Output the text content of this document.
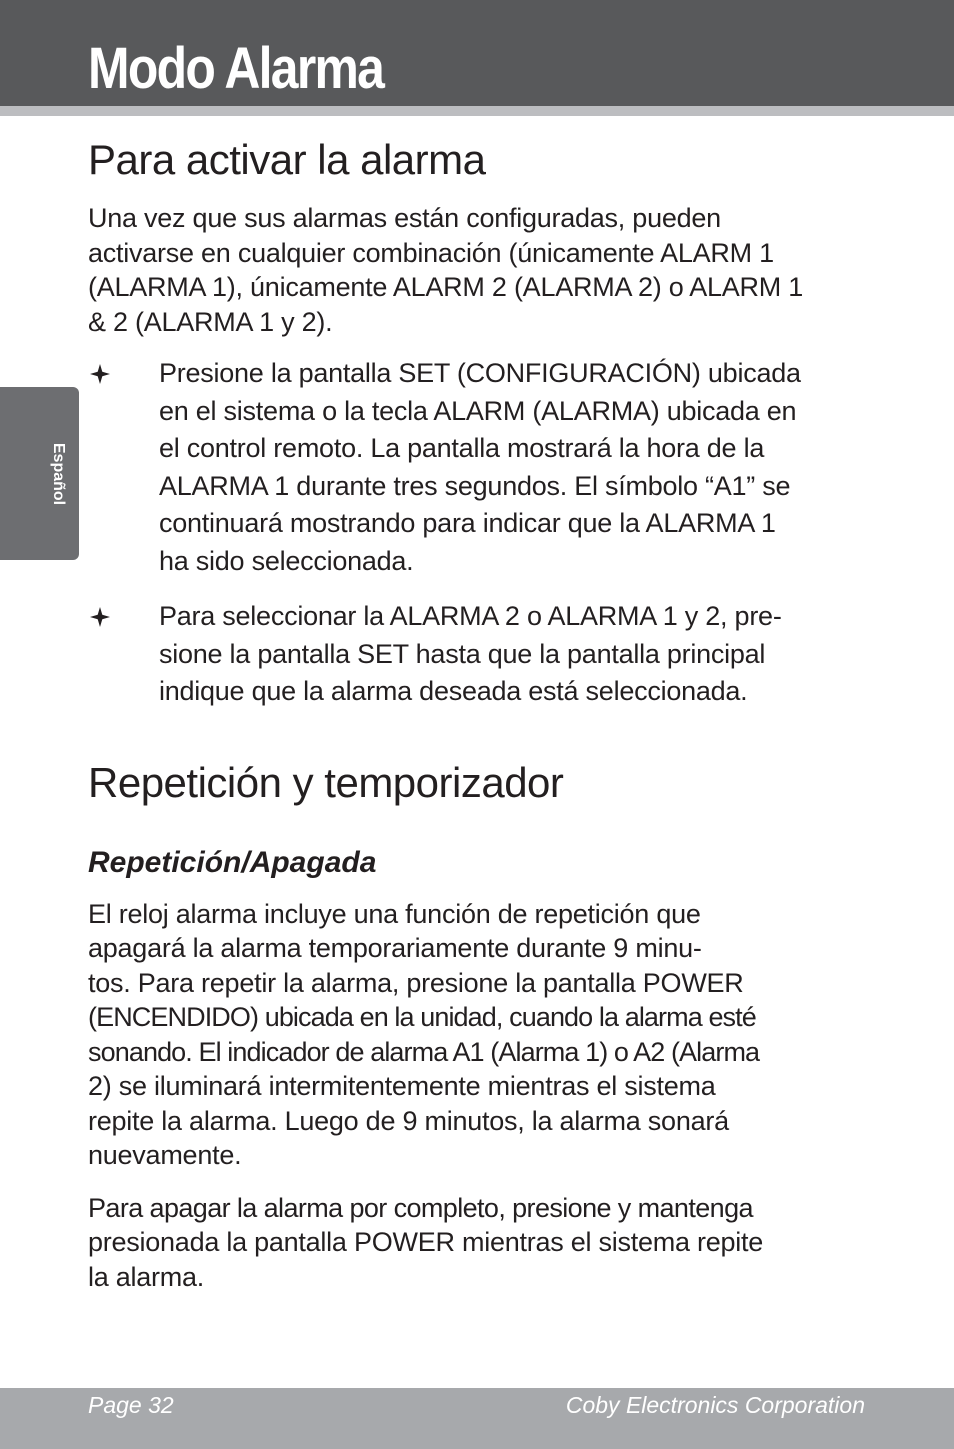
Modo Alarma
Español
Para activar la alarma

Una vez que sus alarmas están configuradas, pueden
activarse en cualquier combinación (únicamente ALARM 1
(ALARMA 1), únicamente ALARM 2 (ALARMA 2) o ALARM 1
& 2 (ALARMA 1 y 2).

Presione la pantalla SET (CONFIGURACIÓN) ubicada
en el sistema o la tecla ALARM (ALARMA) ubicada en
el control remoto. La pantalla mostrará la hora de la
ALARMA 1 durante tres segundos. El símbolo “A1” se
continuará mostrando para indicar que la ALARMA 1
ha sido seleccionada.
Para seleccionar la ALARMA 2 o ALARMA 1 y 2, pre-
sione la pantalla SET hasta que la pantalla principal
indique que la alarma deseada está seleccionada.
Repetición y temporizador
Repetición/Apagada

El reloj alarma incluye una función de repetición que
apagará la alarma temporariamente durante 9 minu-
tos. Para repetir la alarma, presione la pantalla POWER
(ENCENDIDO) ubicada en la unidad, cuando la alarma esté
sonando. El indicador de alarma A1 (Alarma 1) o A2 (Alarma
2) se iluminará intermitentemente mientras el sistema
repite la alarma. Luego de 9 minutos, la alarma sonará
nuevamente.

Para apagar la alarma por completo, presione y mantenga
presionada la pantalla POWER mientras el sistema repite
la alarma.

Page 32	Coby Electronics Corporation
